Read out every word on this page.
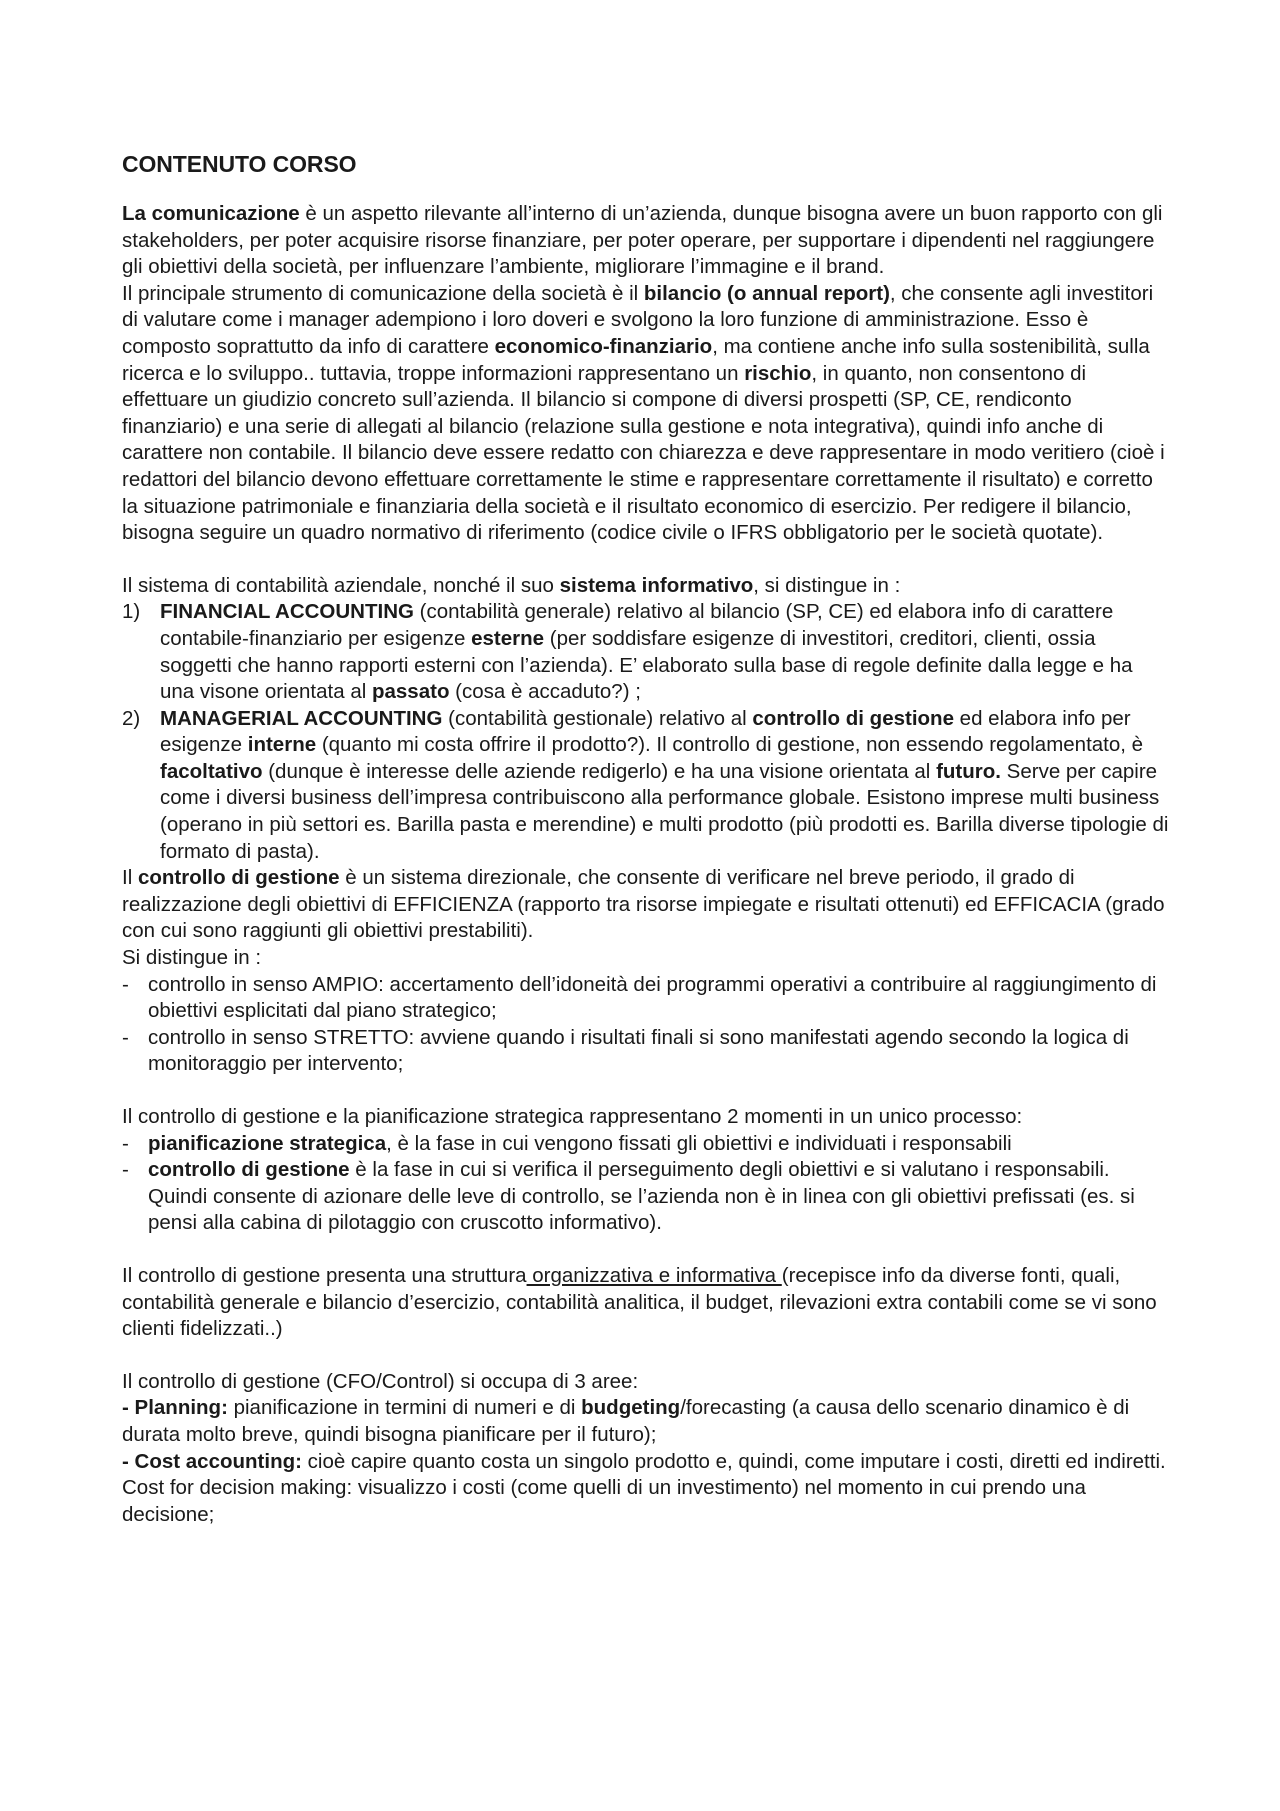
CONTENUTO CORSO

La comunicazione è un aspetto rilevante all’interno di un’azienda, dunque bisogna avere un buon rapporto con gli stakeholders, per poter acquisire risorse finanziare, per poter operare, per supportare i dipendenti nel raggiungere gli obiettivi della società, per influenzare l’ambiente, migliorare l’immagine e il brand.

Il principale strumento di comunicazione della società è il bilancio (o annual report), che consente agli investitori di valutare come i manager adempiono i loro doveri e svolgono la loro funzione di amministrazione. Esso è composto soprattutto da info di carattere economico-finanziario, ma contiene anche info sulla sostenibilità, sulla ricerca e lo sviluppo.. tuttavia, troppe informazioni rappresentano un rischio, in quanto, non consentono di effettuare un giudizio concreto sull’azienda. Il bilancio si compone di diversi prospetti (SP, CE, rendiconto finanziario) e una serie di allegati al bilancio (relazione sulla gestione e nota integrativa), quindi info anche di carattere non contabile. Il bilancio deve essere redatto con chiarezza e deve rappresentare in modo veritiero (cioè i redattori del bilancio devono effettuare correttamente le stime e rappresentare correttamente il risultato) e corretto la situazione patrimoniale e finanziaria della società e il risultato economico di esercizio. Per redigere il bilancio, bisogna seguire un quadro normativo di riferimento (codice civile o IFRS obbligatorio per le società quotate).

Il sistema di contabilità aziendale, nonché il suo sistema informativo, si distingue in :

1) FINANCIAL ACCOUNTING (contabilità generale) relativo al bilancio (SP, CE) ed elabora info di carattere contabile-finanziario per esigenze esterne (per soddisfare esigenze di investitori, creditori, clienti, ossia soggetti che hanno rapporti esterni con l’azienda). E’ elaborato sulla base di regole definite dalla legge e ha una visone orientata al passato (cosa è accaduto?) ;
2) MANAGERIAL ACCOUNTING (contabilità gestionale) relativo al controllo di gestione ed elabora info per esigenze interne (quanto mi costa offrire il prodotto?). Il controllo di gestione, non essendo regolamentato, è facoltativo (dunque è interesse delle aziende redigerlo) e ha una visione orientata al futuro. Serve per capire come i diversi business dell’impresa contribuiscono alla performance globale. Esistono imprese multi business (operano in più settori es. Barilla pasta e merendine) e multi prodotto (più prodotti es. Barilla diverse tipologie di formato di pasta).

Il controllo di gestione è un sistema direzionale, che consente di verificare nel breve periodo, il grado di realizzazione degli obiettivi di EFFICIENZA (rapporto tra risorse impiegate e risultati ottenuti) ed EFFICACIA (grado con cui sono raggiunti gli obiettivi prestabiliti).

Si distingue in :

- controllo in senso AMPIO: accertamento dell’idoneità dei programmi operativi a contribuire al raggiungimento di obiettivi esplicitati dal piano strategico;
- controllo in senso STRETTO: avviene quando i risultati finali si sono manifestati agendo secondo la logica di monitoraggio per intervento;

Il controllo di gestione e la pianificazione strategica rappresentano 2 momenti in un unico processo:

- pianificazione strategica, è la fase in cui vengono fissati gli obiettivi e individuati i responsabili
- controllo di gestione è la fase in cui si verifica il perseguimento degli obiettivi e si valutano i responsabili. Quindi consente di azionare delle leve di controllo, se l’azienda non è in linea con gli obiettivi prefissati (es. si pensi alla cabina di pilotaggio con cruscotto informativo).

Il controllo di gestione presenta una struttura organizzativa e informativa (recepisce info da diverse fonti, quali, contabilità generale e bilancio d’esercizio, contabilità analitica, il budget, rilevazioni extra contabili come se vi sono clienti fidelizzati..)

Il controllo di gestione (CFO/Control) si occupa di 3 aree:

- Planning: pianificazione in termini di numeri e di budgeting/forecasting (a causa dello scenario dinamico è di durata molto breve, quindi bisogna pianificare per il futuro);

- Cost accounting: cioè capire quanto costa un singolo prodotto e, quindi, come imputare i costi, diretti ed indiretti. Cost for decision making: visualizzo i costi (come quelli di un investimento) nel momento in cui prendo una decisione;
